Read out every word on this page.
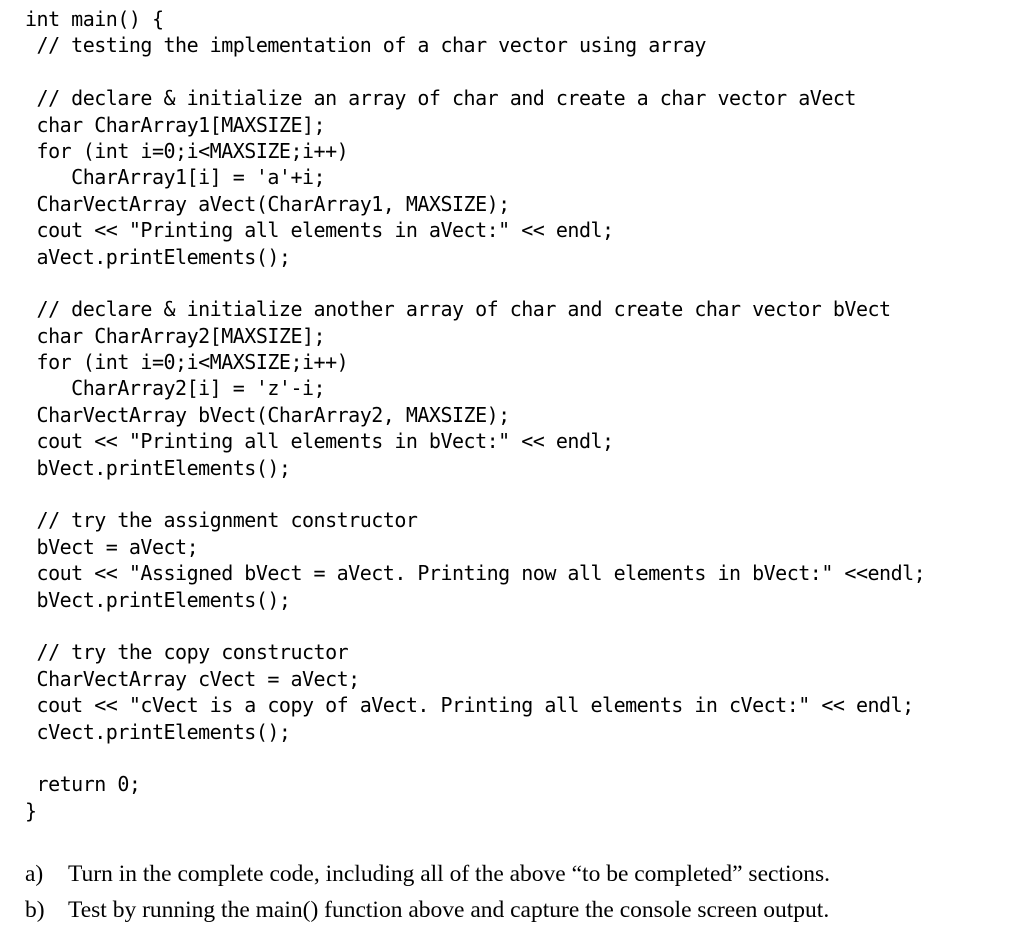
int main() {
// testing the implementation of a char vector using array
// declare & initialize an array of char and create a char vector aVect
char CharArray1[MAXSIZE];
for (int i=0;i<MAXSIZE;i++)
CharArray1[i] = 'a'+i;
CharVectArray aVect(CharArray1, MAXSIZE);
cout << "Printing all elements in aVect:" << endl;
aVect.printElements();
// declare & initialize another array of char and create char vector bVect
char CharArray2[MAXSIZE];
for (int i=0;i<MAXSIZE;i++)
CharArray2[i] = 'z'-i;
CharVectArray bVect(CharArray2, MAXSIZE);
cout << "Printing all elements in bVect:" << endl;
bVect.printElements();
// try the assignment constructor
bVect = aVect;
cout << "Assigned bVect = aVect. Printing now all elements in bVect:" <<endl;
bVect.printElements();
// try the copy constructor
CharVectArray cVect = aVect;
cout << "cVect is a copy of aVect. Printing all elements in cVect:" << endl;
cVect.printElements();
return 0;
}
a) Turn in the complete code, including all of the above “to be completed” sections.
b) Test by running the main() function above and capture the console screen output.
